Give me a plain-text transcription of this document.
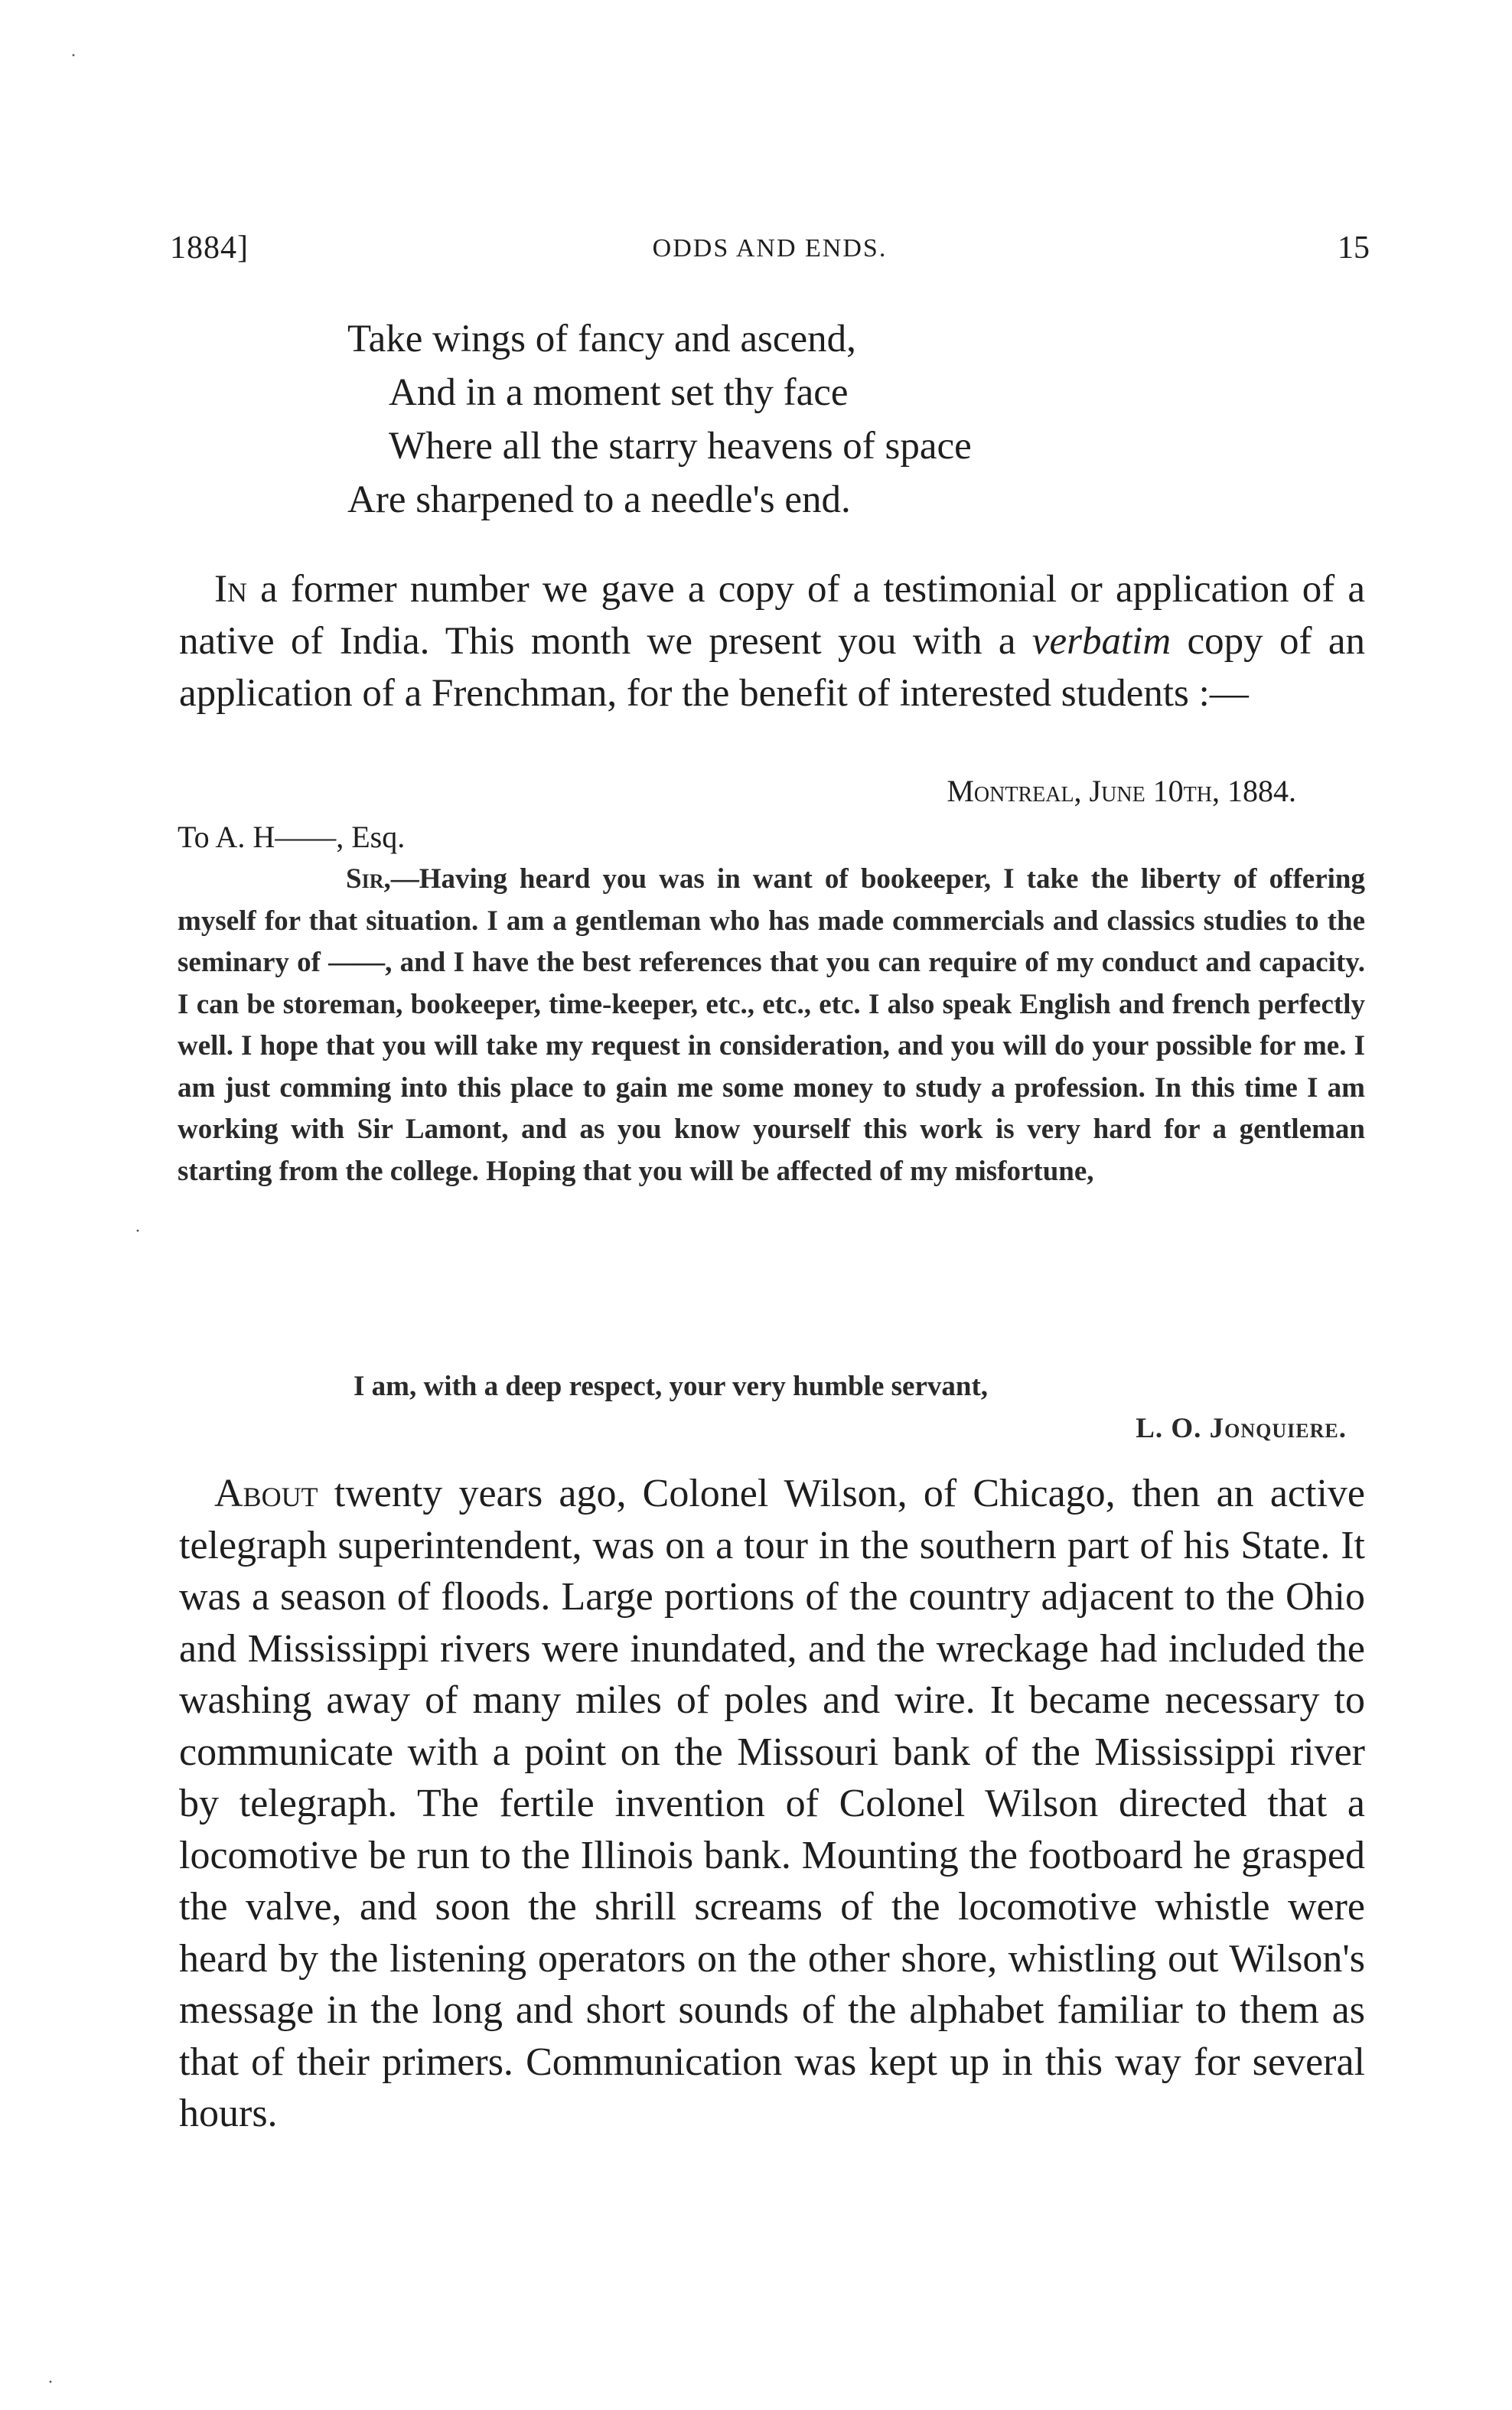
1884]	ODDS AND ENDS.	15
Take wings of fancy and ascend,
And in a moment set thy face
Where all the starry heavens of space
Are sharpened to a needle's end.
In a former number we gave a copy of a testimonial or application of a native of India. This month we present you with a verbatim copy of an application of a Frenchman, for the benefit of interested students :—
Montreal, June 10th, 1884.
To A. H——, Esq.
Sir,—Having heard you was in want of bookeeper, I take the liberty of offering myself for that situation. I am a gentleman who has made commercials and classics studies to the seminary of ——, and I have the best references that you can require of my conduct and capacity. I can be storeman, bookeeper, time-keeper, etc., etc., etc. I also speak English and french perfectly well. I hope that you will take my request in consideration, and you will do your possible for me. I am just comming into this place to gain me some money to study a profession. In this time I am working with Sir Lamont, and as you know yourself this work is very hard for a gentleman starting from the college. Hoping that you will be affected of my misfortune,
I am, with a deep respect, your very humble servant,
L. O. Jonquiere.
About twenty years ago, Colonel Wilson, of Chicago, then an active telegraph superintendent, was on a tour in the southern part of his State. It was a season of floods. Large portions of the country adjacent to the Ohio and Mississippi rivers were inundated, and the wreckage had included the washing away of many miles of poles and wire. It became necessary to communicate with a point on the Missouri bank of the Mississippi river by telegraph. The fertile invention of Colonel Wilson directed that a locomotive be run to the Illinois bank. Mounting the footboard he grasped the valve, and soon the shrill screams of the locomotive whistle were heard by the listening operators on the other shore, whistling out Wilson's message in the long and short sounds of the alphabet familiar to them as that of their primers. Communication was kept up in this way for several hours.
·
·
·
